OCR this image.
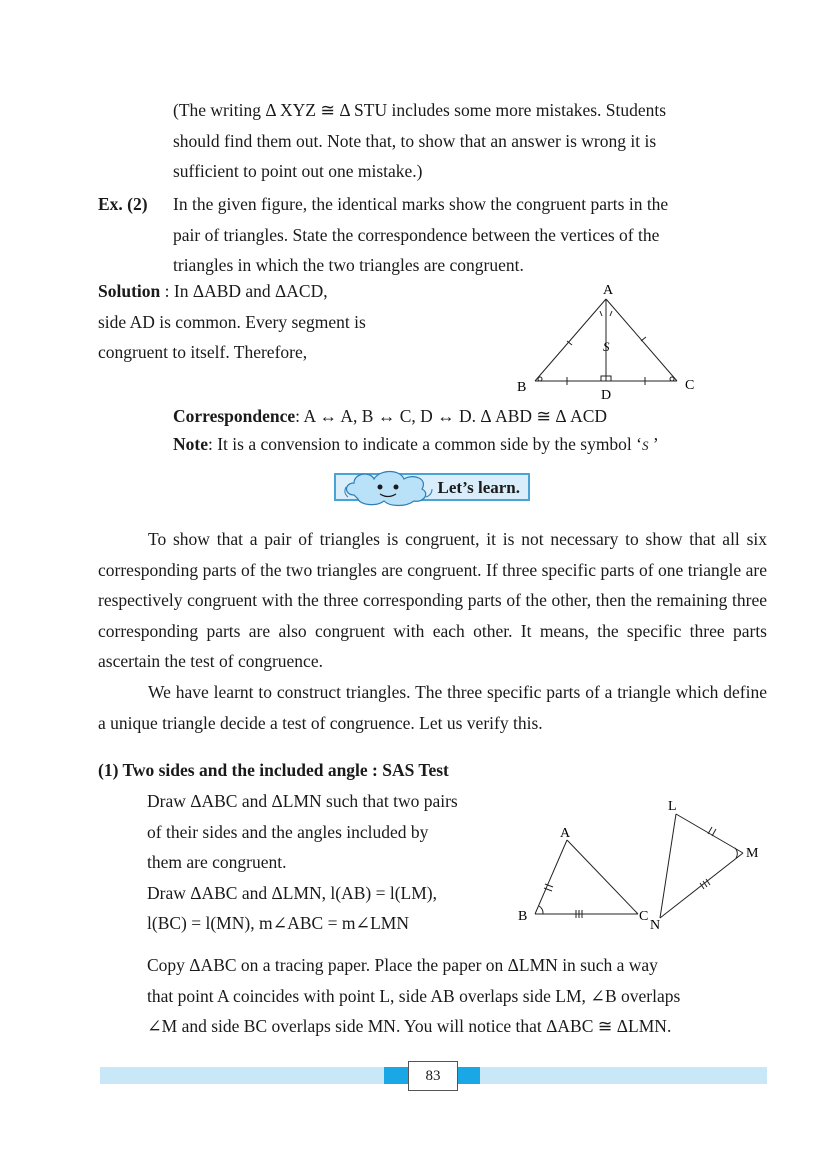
(The writing Δ XYZ ≅ Δ STU includes some more mistakes. Students
should find them out. Note that, to show that an answer is wrong it is
sufficient to point out one mistake.)
Ex. (2) In the given figure, the identical marks show the congruent parts in the
pair of triangles. State the correspondence between the vertices of the
triangles in which the two triangles are congruent.
Solution : In ΔABD and ΔACD,
side AD is common. Every segment is
congruent to itself. Therefore,
A
B	C
D
S
Correspondence: A ↔ A, B ↔ C, D ↔ D. Δ ABD ≅ Δ ACD
Note: It is a convension to indicate a common side by the symbol ‘S ’
Let’s learn.
To show that a pair of triangles is congruent, it is not necessary to show that all six corresponding parts of the two triangles are congruent. If three specific parts of one triangle are respectively congruent with the three corresponding parts of the other, then the remaining three corresponding parts are also congruent with each other. It means, the specific three parts ascertain the test of congruence.
We have learnt to construct triangles. The three specific parts of a triangle which define a unique triangle decide a test of congruence. Let us verify this.
(1) Two sides and the included angle : SAS Test
Draw ΔABC and ΔLMN such that two pairs
of their sides and the angles included by
them are congruent.
Draw ΔABC and ΔLMN, l(AB) = l(LM),
l(BC) = l(MN), m∠ABC = m∠LMN
A
B	C
L
M
N
Copy ΔABC on a tracing paper. Place the paper on ΔLMN in such a way
that point A coincides with point L, side AB overlaps side LM, ∠B overlaps
∠M and side BC overlaps side MN. You will notice that ΔABC ≅ ΔLMN.
83
